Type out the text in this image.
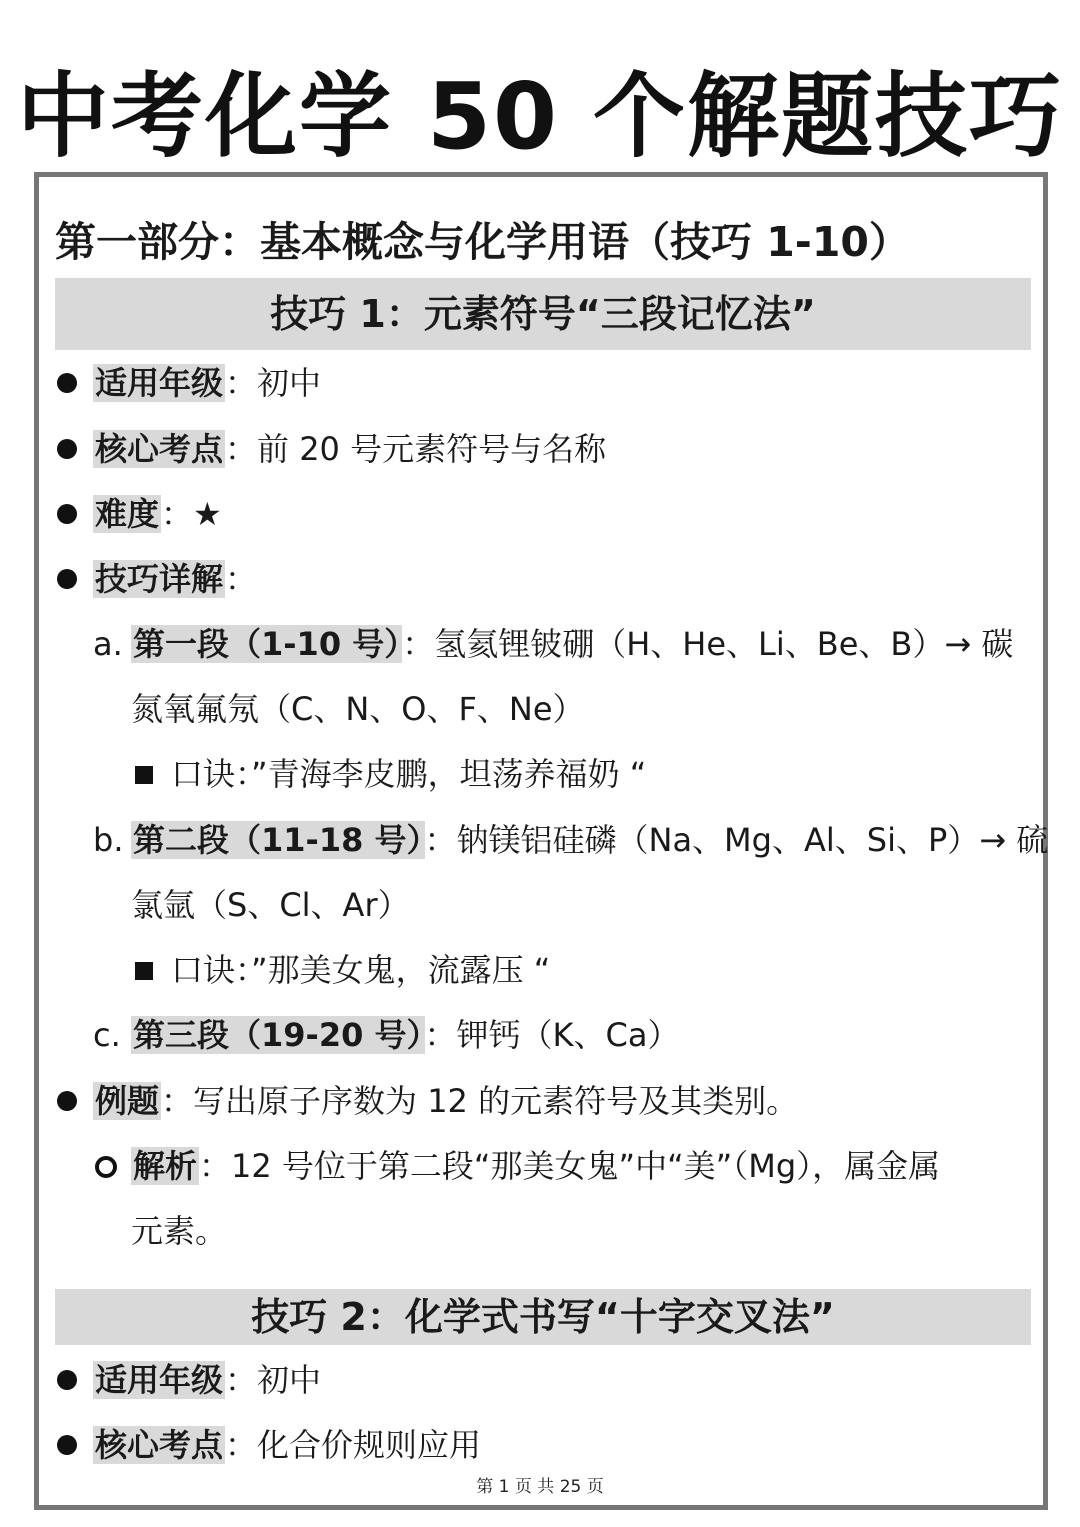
中考化学 50 个解题技巧
第一部分：基本概念与化学用语（技巧 1-10）
技巧 1：元素符号“三段记忆法”
适用年级：初中
核心考点：前 20 号元素符号与名称
难度：★
技巧详解：
a. 第一段（1-10 号）：氢氦锂铍硼（H、He、Li、Be、B）→ 碳
氮氧氟氖（C、N、O、F、Ne）
口诀：”青海李皮鹏，坦荡养福奶 “
b. 第二段（11-18 号）：钠镁铝硅磷（Na、Mg、Al、Si、P）→ 硫
氯氩（S、Cl、Ar）
口诀：”那美女鬼，流露压 “
c. 第三段（19-20 号）：钾钙（K、Ca）
例题：写出原子序数为 12 的元素符号及其类别。
解析：12 号位于第二段“那美女鬼”中“美”（Mg），属金属
元素。
技巧 2：化学式书写“十字交叉法”
适用年级：初中
核心考点：化合价规则应用
第 1 页 共 25 页
